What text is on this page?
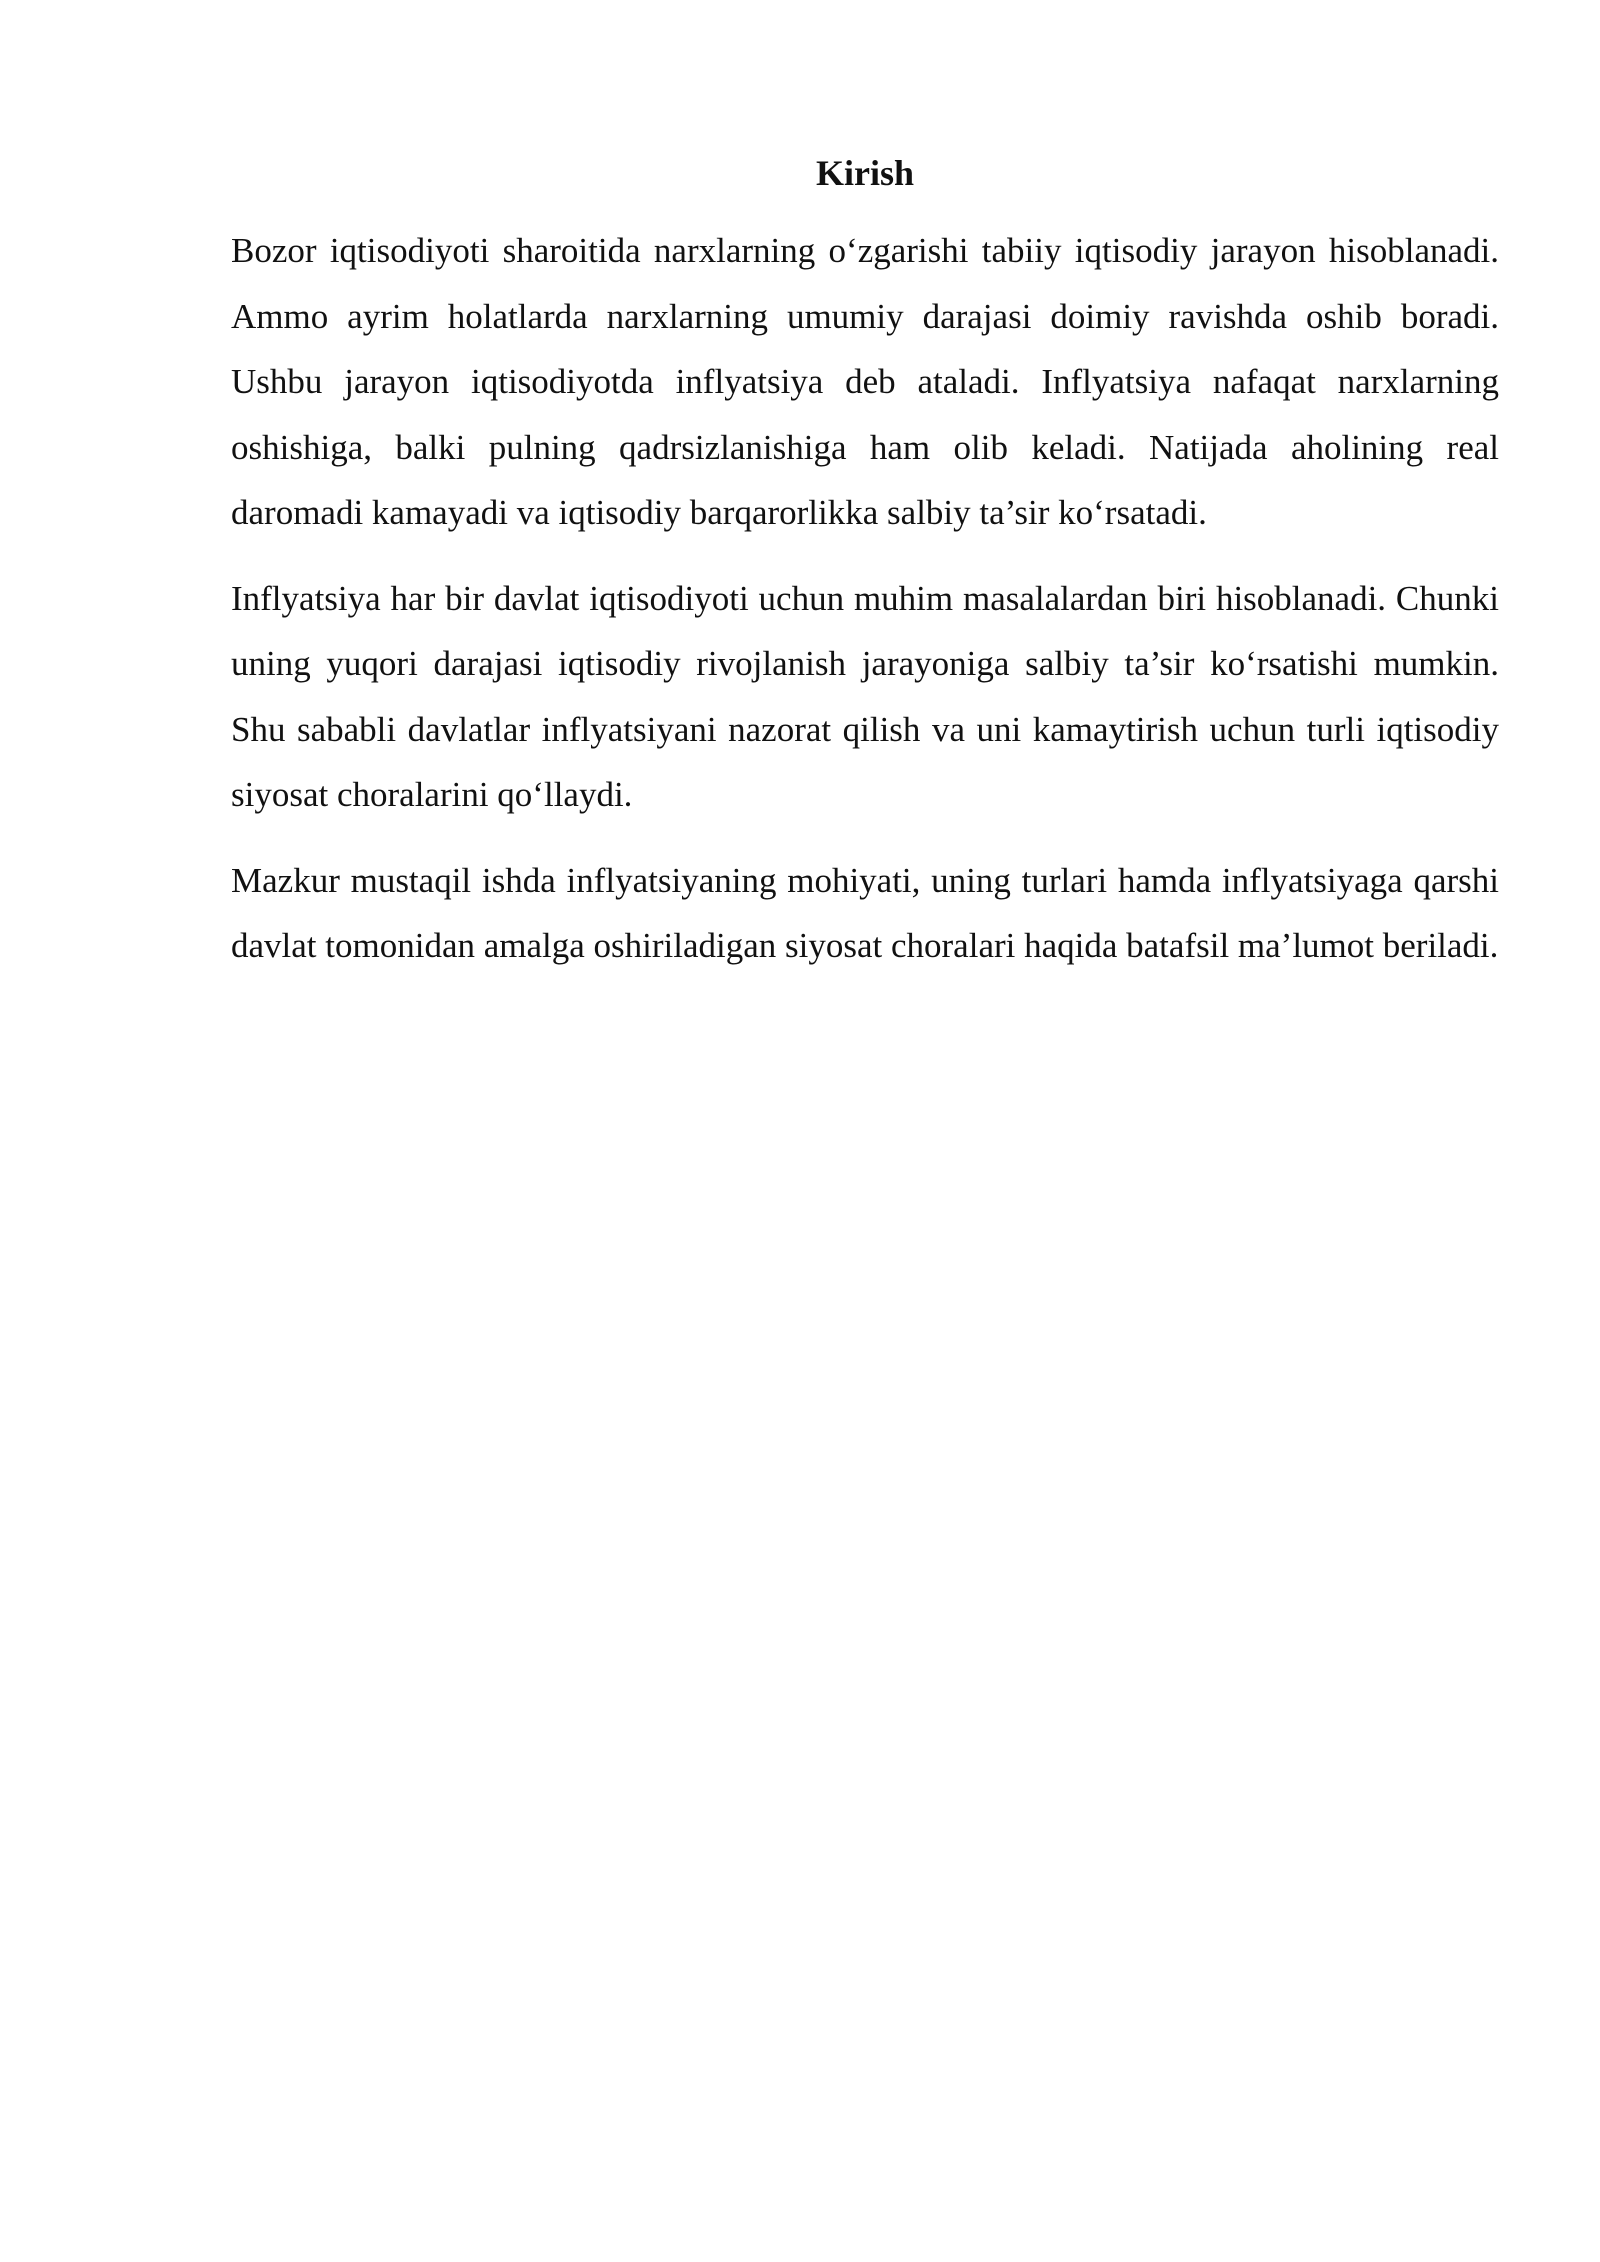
Kirish

Bozor iqtisodiyoti sharoitida narxlarning o‘zgarishi tabiiy iqtisodiy jarayon hisoblanadi. Ammo ayrim holatlarda narxlarning umumiy darajasi doimiy ravishda oshib boradi. Ushbu jarayon iqtisodiyotda inflyatsiya deb ataladi. Inflyatsiya nafaqat narxlarning oshishiga, balki pulning qadrsizlanishiga ham olib keladi. Natijada aholining real daromadi kamayadi va iqtisodiy barqarorlikka salbiy ta’sir ko‘rsatadi.

Inflyatsiya har bir davlat iqtisodiyoti uchun muhim masalalardan biri hisoblanadi. Chunki uning yuqori darajasi iqtisodiy rivojlanish jarayoniga salbiy ta’sir ko‘rsatishi mumkin. Shu sababli davlatlar inflyatsiyani nazorat qilish va uni kamaytirish uchun turli iqtisodiy siyosat choralarini qo‘llaydi.

Mazkur mustaqil ishda inflyatsiyaning mohiyati, uning turlari hamda inflyatsiyaga qarshi davlat tomonidan amalga oshiriladigan siyosat choralari haqida batafsil ma’lumot beriladi.
